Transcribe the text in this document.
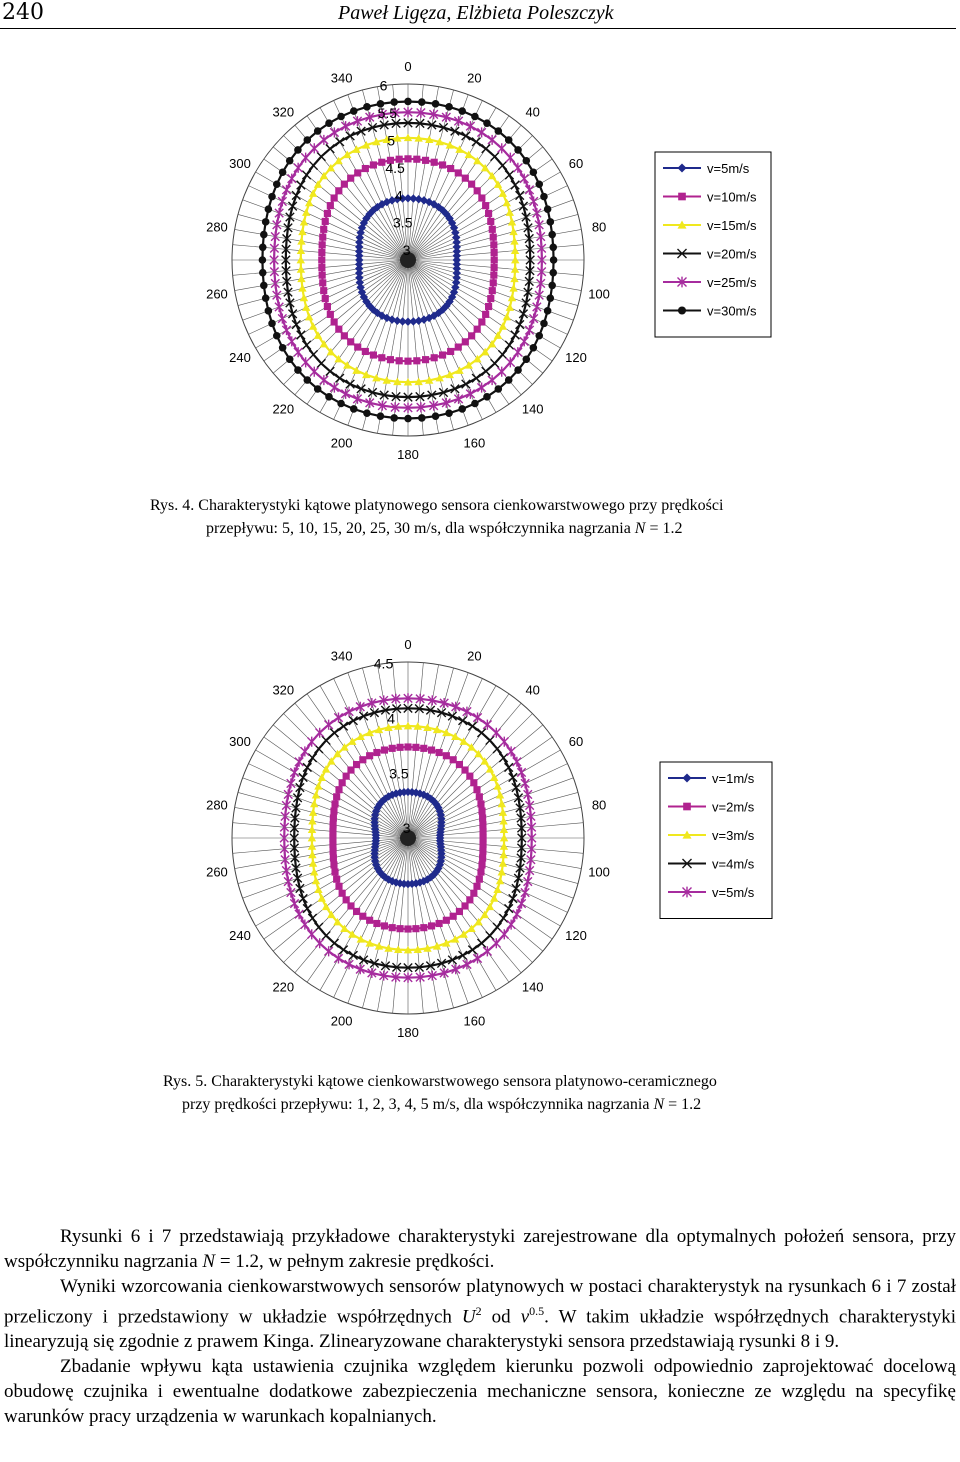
240	Paweł Ligęza, Elżbieta Poleszczyk
0
20
40
60
80
100
120
140
160
180
200
220
240
260
280
300
320
340
3
3.5
4
4.5
5
5.5
6
v=5m/s
v=10m/s
v=15m/s
v=20m/s
v=25m/s
v=30m/s
Rys. 4. Charakterystyki kątowe platynowego sensora cienkowarstwowego przy prędkości
przepływu: 5, 10, 15, 20, 25, 30 m/s, dla współczynnika nagrzania N = 1.2
0
20
40
60
80
100
120
140
160
180
200
220
240
260
280
300
320
340
3
3.5
4
4.5
v=1m/s
v=2m/s
v=3m/s
v=4m/s
v=5m/s
Rys. 5. Charakterystyki kątowe cienkowarstwowego sensora platynowo-ceramicznego
przy prędkości przepływu: 1, 2, 3, 4, 5 m/s, dla współczynnika nagrzania N = 1.2

Rysunki 6 i 7 przedstawiają przykładowe charakterystyki zarejestrowane dla optymalnych położeń sensora, przy współczynniku nagrzania N = 1.2, w pełnym zakresie prędkości.

Wyniki wzorcowania cienkowarstwowych sensorów platynowych w postaci charakterystyk na rysunkach 6 i 7 został przeliczony i przedstawiony w układzie współrzędnych $U^2$ od $v^{0.5}$. W takim układzie współrzędnych charakterystyki linearyzują się zgodnie z prawem Kinga. Zlinearyzowane charakterystyki sensora przedstawiają rysunki 8 i 9.

Zbadanie wpływu kąta ustawienia czujnika względem kierunku pozwoli odpowiednio zaprojektować docelową obudowę czujnika i ewentualne dodatkowe zabezpieczenia mechaniczne sensora, konieczne ze względu na specyfikę warunków pracy urządzenia w warunkach kopalnianych.
